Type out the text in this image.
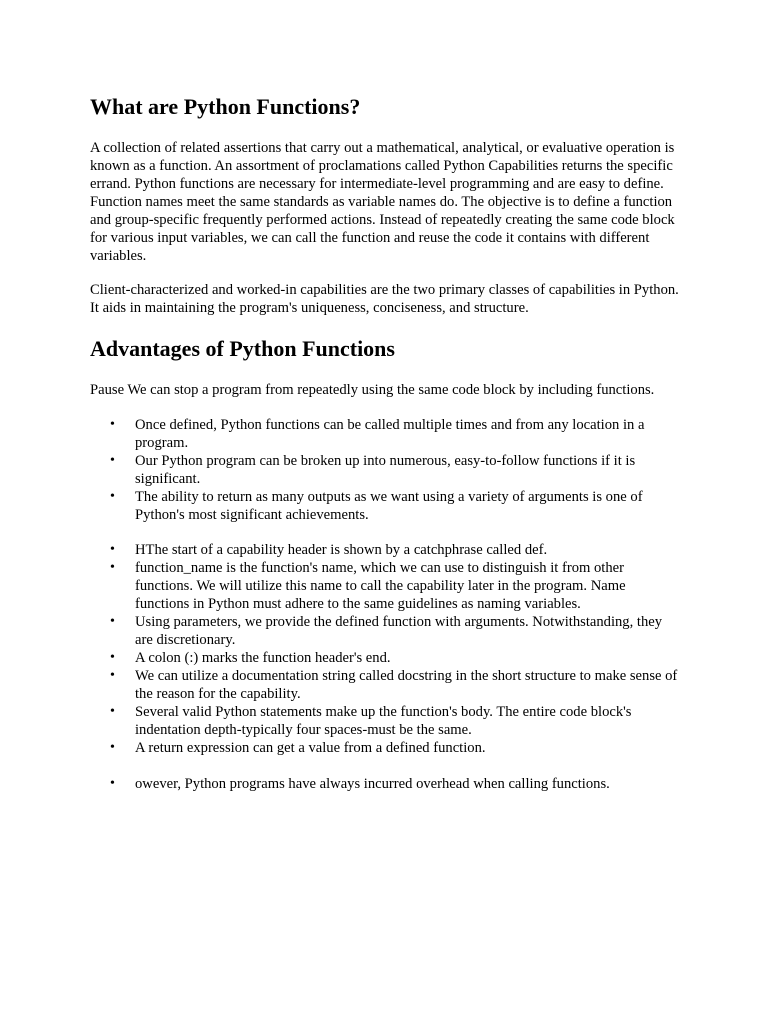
What are Python Functions?

A collection of related assertions that carry out a mathematical, analytical, or evaluative operation is known as a function. An assortment of proclamations called Python Capabilities returns the specific errand. Python functions are necessary for intermediate-level programming and are easy to define. Function names meet the same standards as variable names do. The objective is to define a function and group-specific frequently performed actions. Instead of repeatedly creating the same code block for various input variables, we can call the function and reuse the code it contains with different variables.

Client-characterized and worked-in capabilities are the two primary classes of capabilities in Python. It aids in maintaining the program's uniqueness, conciseness, and structure.

Advantages of Python Functions

Pause We can stop a program from repeatedly using the same code block by including functions.

• Once defined, Python functions can be called multiple times and from any location in a program.
• Our Python program can be broken up into numerous, easy-to-follow functions if it is significant.
• The ability to return as many outputs as we want using a variety of arguments is one of Python's most significant achievements.
• HThe start of a capability header is shown by a catchphrase called def.
• function_name is the function's name, which we can use to distinguish it from other functions. We will utilize this name to call the capability later in the program. Name functions in Python must adhere to the same guidelines as naming variables.
• Using parameters, we provide the defined function with arguments. Notwithstanding, they are discretionary.
• A colon (:) marks the function header's end.
• We can utilize a documentation string called docstring in the short structure to make sense of the reason for the capability.
• Several valid Python statements make up the function's body. The entire code block's indentation depth-typically four spaces-must be the same.
• A return expression can get a value from a defined function.
• owever, Python programs have always incurred overhead when calling functions.
